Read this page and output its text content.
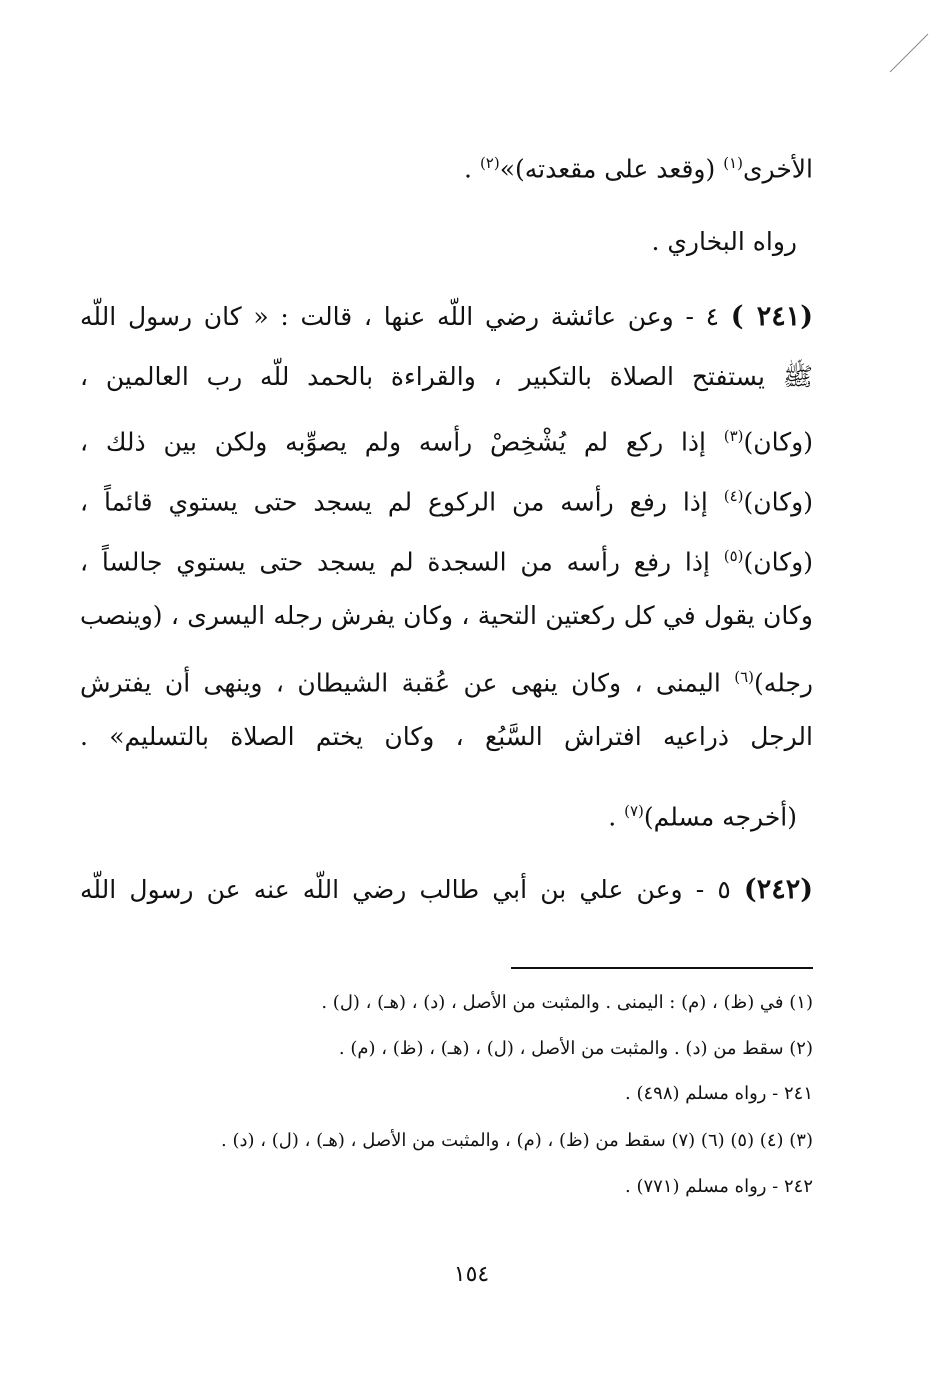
الأخرى$^{(١)}$ (وقعد على مقعدته)»$^{(٢)}$ .
رواه البخاري .
(٢٤١ ) ٤ - وعن عائشة رضي اللّه عنها ، قالت : « كان رسول اللّه
ﷺ يستفتح الصلاة بالتكبير ، والقراءة بالحمد للّه رب العالمين ،
(وكان)$^{(٣)}$ إذا ركع لم يُشْخِصْ رأسه ولم يصوِّبه ولكن بين ذلك ،
(وكان)$^{(٤)}$ إذا رفع رأسه من الركوع لم يسجد حتى يستوي قائماً ،
(وكان)$^{(٥)}$ إذا رفع رأسه من السجدة لم يسجد حتى يستوي جالساً ،
وكان يقول في كل ركعتين التحية ، وكان يفرش رجله اليسرى ، (وينصب
رجله)$^{(٦)}$ اليمنى ، وكان ينهى عن عُقبة الشيطان ، وينهى أن يفترش
الرجل ذراعيه افتراش السَّبُع ، وكان يختم الصلاة بالتسليم» .
(أخرجه مسلم)$^{(٧)}$ .
(٢٤٢) ٥ - وعن علي بن أبي طالب رضي اللّه عنه عن رسول اللّه
(١) في (ظ) ، (م) : اليمنى . والمثبت من الأصل ، (د) ، (هـ) ، (ل) .
(٢) سقط من (د) . والمثبت من الأصل ، (ل) ، (هـ) ، (ظ) ، (م) .
٢٤١ - رواه مسلم (٤٩٨) .
(٣) (٤) (٥) (٦) (٧) سقط من (ظ) ، (م) ، والمثبت من الأصل ، (هـ) ، (ل) ، (د) .
٢٤٢ - رواه مسلم (٧٧١) .
١٥٤
